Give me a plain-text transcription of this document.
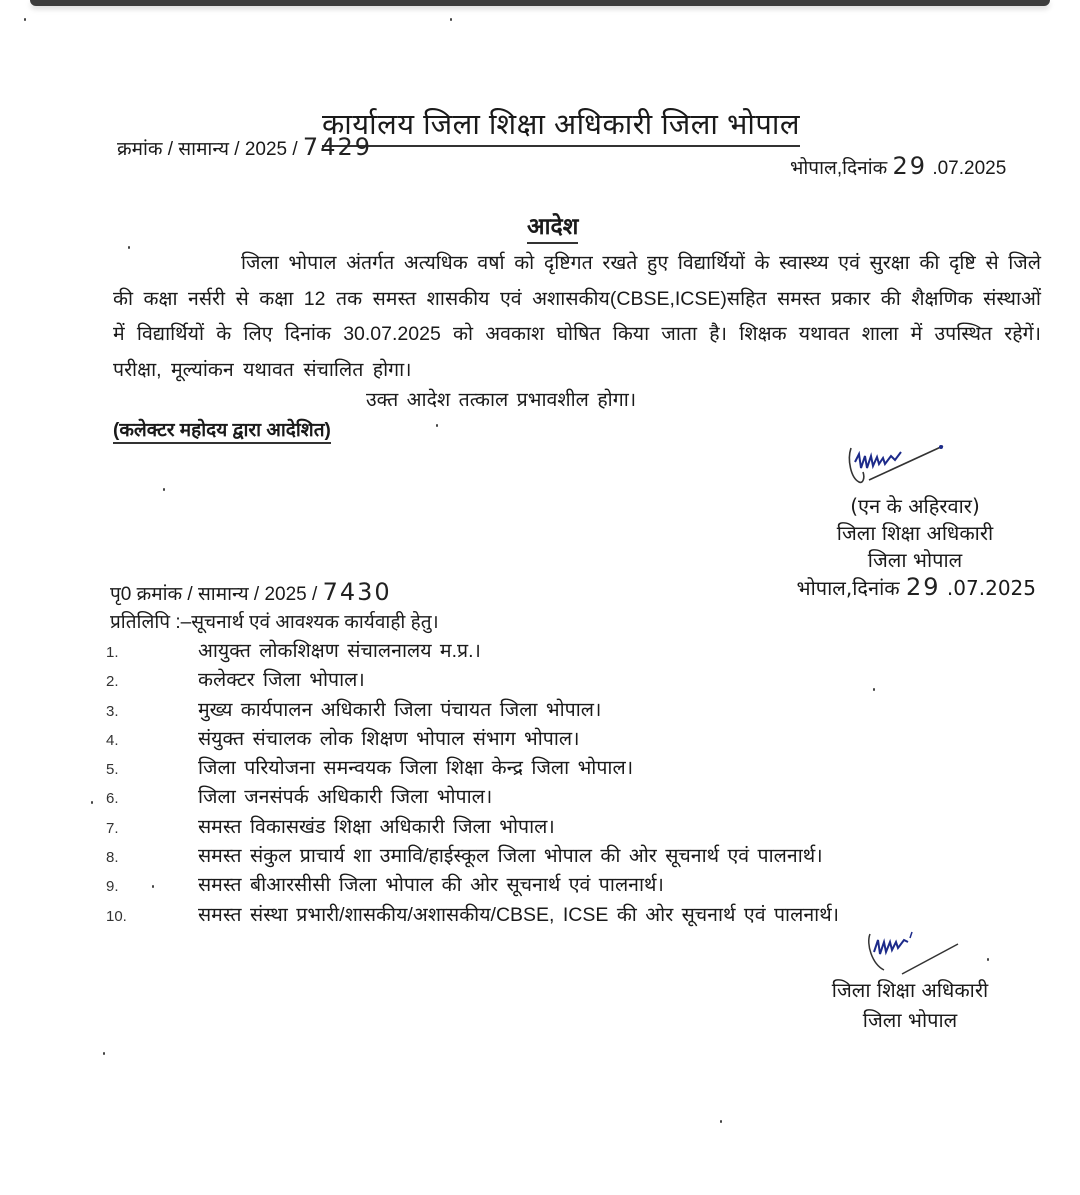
कार्यालय जिला शिक्षा अधिकारी जिला भोपाल
क्रमांक / सामान्य / 2025 / 7429
भोपाल,दिनांक 29 .07.2025
आदेश
जिला भोपाल अंतर्गत अत्यधिक वर्षा को दृष्टिगत रखते हुए विद्यार्थियों के स्वास्थ्य एवं सुरक्षा की दृष्टि से जिले की कक्षा नर्सरी से कक्षा 12 तक समस्त शासकीय एवं अशासकीय(CBSE,ICSE)सहित समस्त प्रकार की शैक्षणिक संस्थाओं में विद्यार्थियों के लिए दिनांक 30.07.2025 को अवकाश घोषित किया जाता है। शिक्षक यथावत शाला में उपस्थित रहेगें। परीक्षा, मूल्यांकन यथावत संचालित होगा।
उक्त आदेश तत्काल प्रभावशील होगा।
(कलेक्टर महोदय द्वारा आदेशित)
(एन के अहिरवार)
जिला शिक्षा अधिकारी
जिला भोपाल
भोपाल,दिनांक 29 .07.2025
पृ0 क्रमांक / सामान्य / 2025 / 7430
प्रतिलिपि :–सूचनार्थ एवं आवश्यक कार्यवाही हेतु।
1.	आयुक्त लोकशिक्षण संचालनालय म.प्र.।
2.	कलेक्टर जिला भोपाल।
3.	मुख्य कार्यपालन अधिकारी जिला पंचायत जिला भोपाल।
4.	संयुक्त संचालक लोक शिक्षण भोपाल संभाग भोपाल।
5.	जिला परियोजना समन्वयक जिला शिक्षा केन्द्र जिला भोपाल।
6.	जिला जनसंपर्क अधिकारी जिला भोपाल।
7.	समस्त विकासखंड शिक्षा अधिकारी जिला भोपाल।
8.	समस्त संकुल प्राचार्य शा उमावि/हाईस्कूल जिला भोपाल की ओर सूचनार्थ एवं पालनार्थ।
9.	समस्त बीआरसीसी जिला भोपाल की ओर सूचनार्थ एवं पालनार्थ।
10.	समस्त संस्था प्रभारी/शासकीय/अशासकीय/CBSE, ICSE की ओर सूचनार्थ एवं पालनार्थ।
जिला शिक्षा अधिकारी
जिला भोपाल
